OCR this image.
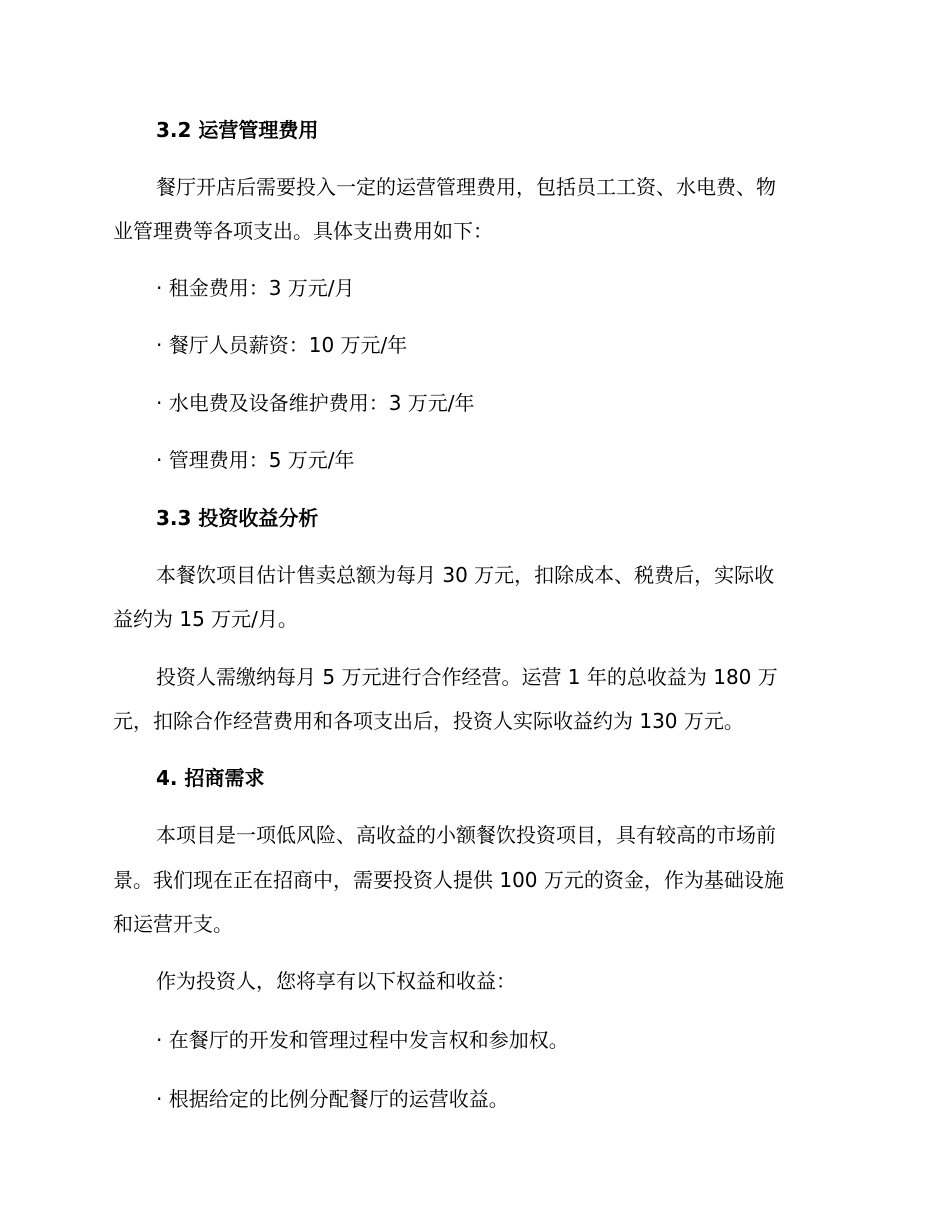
3.2 运营管理费用
餐厅开店后需要投入一定的运营管理费用，包括员工工资、水电费、物
业管理费等各项支出。具体支出费用如下：
· 租金费用：3 万元/月
· 餐厅人员薪资：10 万元/年
· 水电费及设备维护费用：3 万元/年
· 管理费用：5 万元/年
3.3 投资收益分析
本餐饮项目估计售卖总额为每月 30 万元，扣除成本、税费后，实际收
益约为 15 万元/月。
投资人需缴纳每月 5 万元进行合作经营。运营 1 年的总收益为 180 万
元，扣除合作经营费用和各项支出后，投资人实际收益约为 130 万元。
4. 招商需求
本项目是一项低风险、高收益的小额餐饮投资项目，具有较高的市场前
景。我们现在正在招商中，需要投资人提供 100 万元的资金，作为基础设施
和运营开支。
作为投资人，您将享有以下权益和收益：
· 在餐厅的开发和管理过程中发言权和参加权。
· 根据给定的比例分配餐厅的运营收益。
